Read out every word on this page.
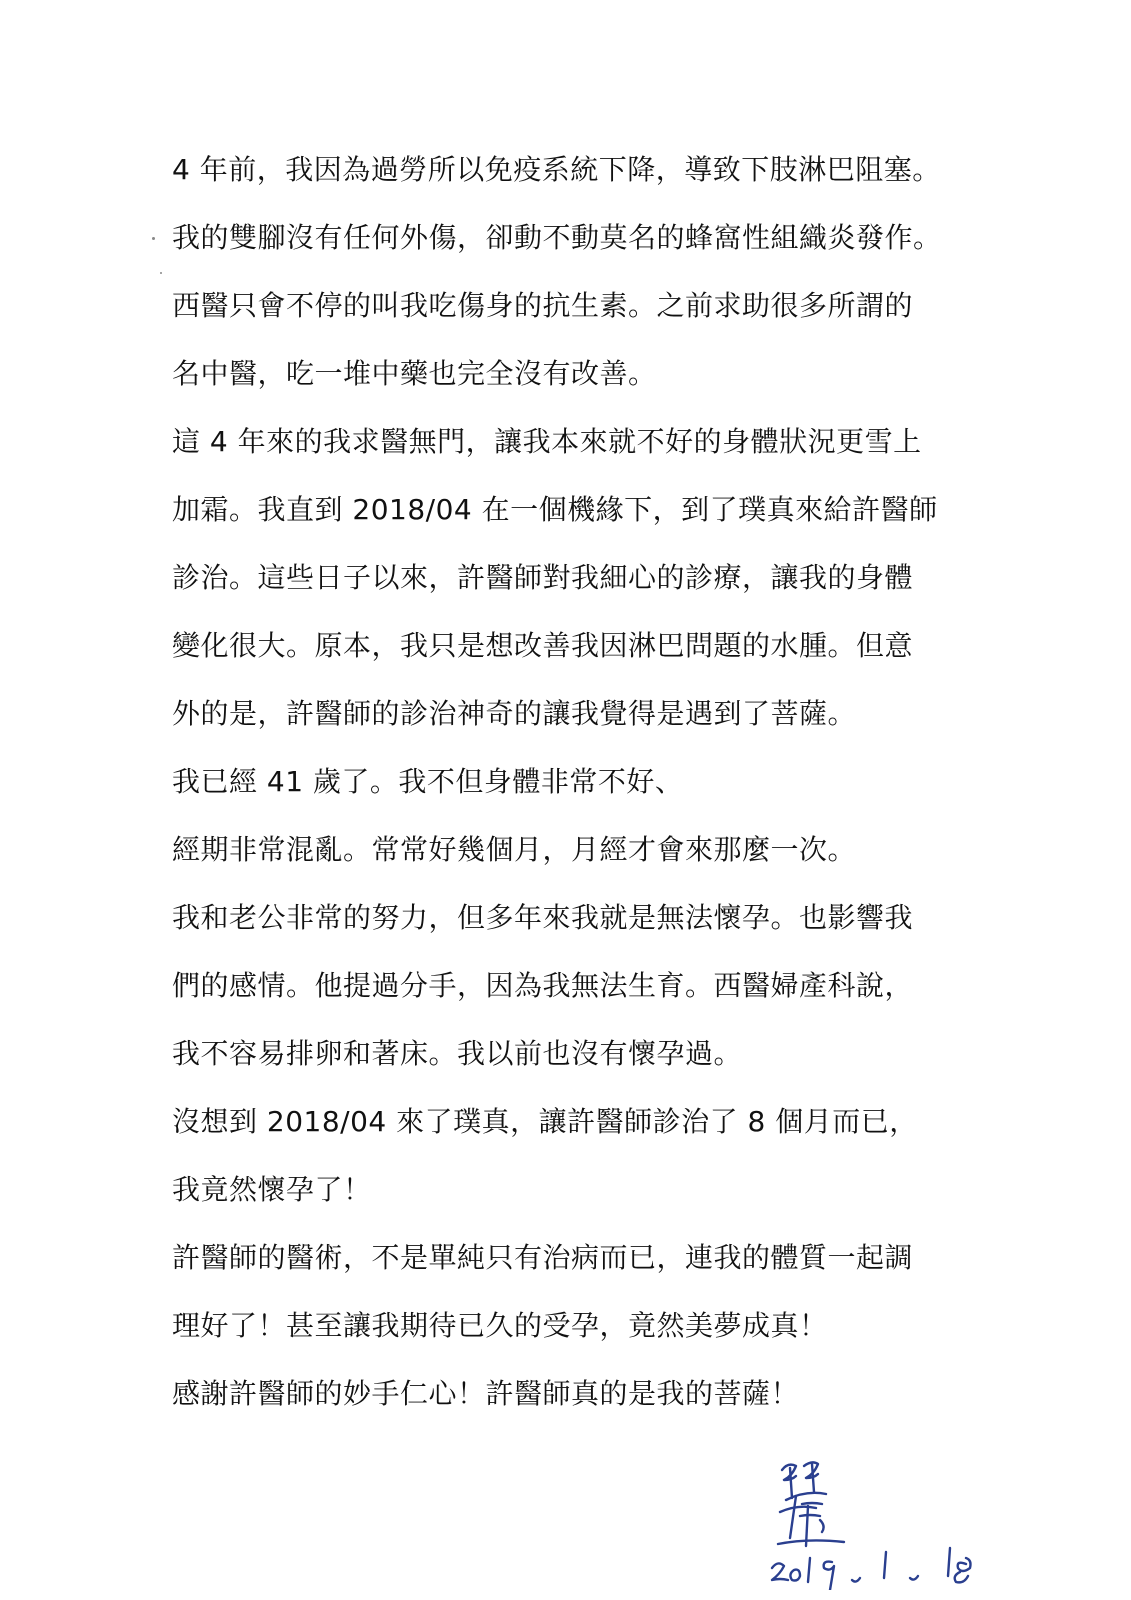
4 年前，我因為過勞所以免疫系統下降，導致下肢淋巴阻塞。
我的雙腳沒有任何外傷，卻動不動莫名的蜂窩性組織炎發作。
西醫只會不停的叫我吃傷身的抗生素。之前求助很多所謂的
名中醫，吃一堆中藥也完全沒有改善。
這 4 年來的我求醫無門，讓我本來就不好的身體狀況更雪上
加霜。我直到 2018/04 在一個機緣下，到了璞真來給許醫師
診治。這些日子以來，許醫師對我細心的診療，讓我的身體
變化很大。原本，我只是想改善我因淋巴問題的水腫。但意
外的是，許醫師的診治神奇的讓我覺得是遇到了菩薩。
我已經 41 歲了。我不但身體非常不好、
經期非常混亂。常常好幾個月，月經才會來那麼一次。
我和老公非常的努力，但多年來我就是無法懷孕。也影響我
們的感情。他提過分手，因為我無法生育。西醫婦產科說，
我不容易排卵和著床。我以前也沒有懷孕過。
沒想到 2018/04 來了璞真，讓許醫師診治了 8 個月而已，
我竟然懷孕了！
許醫師的醫術，不是單純只有治病而已，連我的體質一起調
理好了！甚至讓我期待已久的受孕，竟然美夢成真！
感謝許醫師的妙手仁心！許醫師真的是我的菩薩！
